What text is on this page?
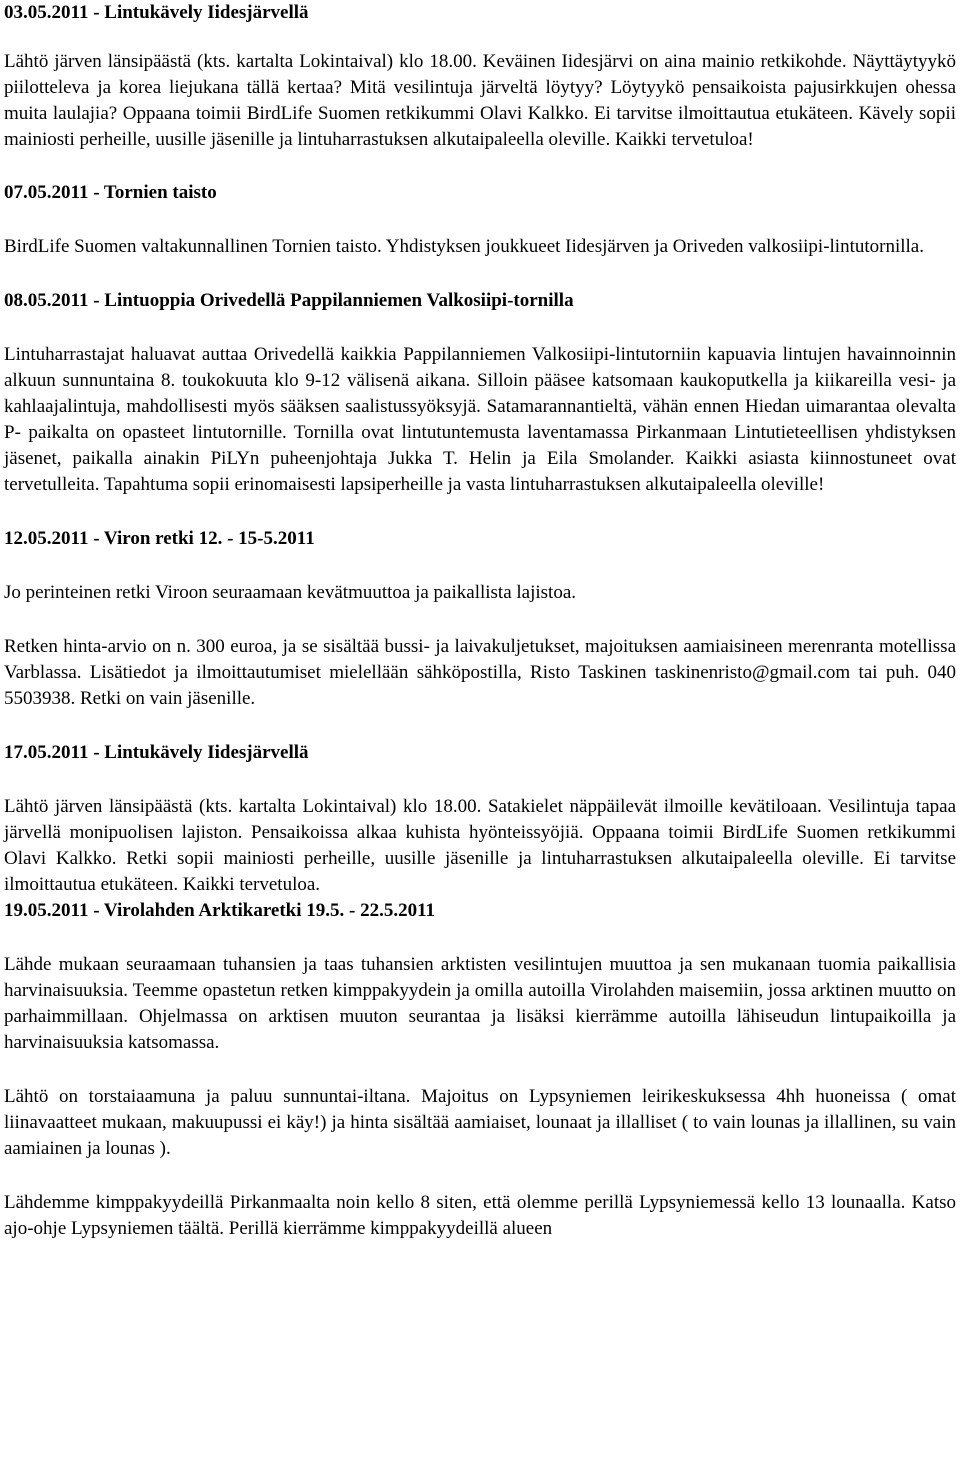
03.05.2011 - Lintukävely Iidesjärvellä

Lähtö järven länsipäästä (kts. kartalta Lokintaival) klo 18.00. Keväinen Iidesjärvi on aina mainio retkikohde. Näyttäytyykö piilotteleva ja korea liejukana tällä kertaa? Mitä vesilintuja järveltä löytyy? Löytyykö pensaikoista pajusirkkujen ohessa muita laulajia? Oppaana toimii BirdLife Suomen retkikummi Olavi Kalkko. Ei tarvitse ilmoittautua etukäteen. Kävely sopii mainiosti perheille, uusille jäsenille ja lintuharrastuksen alkutaipaleella oleville. Kaikki tervetuloa!

07.05.2011 - Tornien taisto

BirdLife Suomen valtakunnallinen Tornien taisto. Yhdistyksen joukkueet Iidesjärven ja Oriveden valkosiipi-lintutornilla.

08.05.2011 - Lintuoppia Orivedellä Pappilanniemen Valkosiipi-tornilla

Lintuharrastajat haluavat auttaa Orivedellä kaikkia Pappilanniemen Valkosiipi-lintutorniin kapuavia lintujen havainnoinnin alkuun sunnuntaina 8. toukokuuta klo 9-12 välisenä aikana. Silloin pääsee katsomaan kaukoputkella ja kiikareilla vesi- ja kahlaajalintuja, mahdollisesti myös sääksen saalistussyöksyjä. Satamarannantieltä, vähän ennen Hiedan uimarantaa olevalta P- paikalta on opasteet lintutornille. Tornilla ovat lintutuntemusta laventamassa Pirkanmaan Lintutieteellisen yhdistyksen jäsenet, paikalla ainakin PiLYn puheenjohtaja Jukka T. Helin ja Eila Smolander. Kaikki asiasta kiinnostuneet ovat tervetulleita. Tapahtuma sopii erinomaisesti lapsiperheille ja vasta lintuharrastuksen alkutaipaleella oleville!

12.05.2011 - Viron retki 12. - 15-5.2011

Jo perinteinen retki Viroon seuraamaan kevätmuuttoa ja paikallista lajistoa.

Retken hinta-arvio on n. 300 euroa, ja se sisältää bussi- ja laivakuljetukset, majoituksen aamiaisineen merenranta motellissa Varblassa. Lisätiedot ja ilmoittautumiset mielellään sähköpostilla, Risto Taskinen taskinenristo@gmail.com tai puh. 040 5503938. Retki on vain jäsenille.

17.05.2011 - Lintukävely Iidesjärvellä

Lähtö järven länsipäästä (kts. kartalta Lokintaival) klo 18.00. Satakielet näppäilevät ilmoille kevätiloaan. Vesilintuja tapaa järvellä monipuolisen lajiston. Pensaikoissa alkaa kuhista hyönteissyöjiä. Oppaana toimii BirdLife Suomen retkikummi Olavi Kalkko. Retki sopii mainiosti perheille, uusille jäsenille ja lintuharrastuksen alkutaipaleella oleville. Ei tarvitse ilmoittautua etukäteen. Kaikki tervetuloa.

19.05.2011 - Virolahden Arktikaretki 19.5. - 22.5.2011

Lähde mukaan seuraamaan tuhansien ja taas tuhansien arktisten vesilintujen muuttoa ja sen mukanaan tuomia paikallisia harvinaisuuksia. Teemme opastetun retken kimppakyydein ja omilla autoilla Virolahden maisemiin, jossa arktinen muutto on parhaimmillaan. Ohjelmassa on arktisen muuton seurantaa ja lisäksi kierrämme autoilla lähiseudun lintupaikoilla ja harvinaisuuksia katsomassa.

Lähtö on torstaiaamuna ja paluu sunnuntai-iltana. Majoitus on Lypsyniemen leirikeskuksessa 4hh huoneissa ( omat liinavaatteet mukaan, makuupussi ei käy!) ja hinta sisältää aamiaiset, lounaat ja illalliset ( to vain lounas ja illallinen, su vain aamiainen ja lounas ).

Lähdemme kimppakyydeillä Pirkanmaalta noin kello 8 siten, että olemme perillä Lypsyniemessä kello 13 lounaalla. Katso ajo-ohje Lypsyniemen täältä. Perillä kierrämme kimppakyydeillä alueen
